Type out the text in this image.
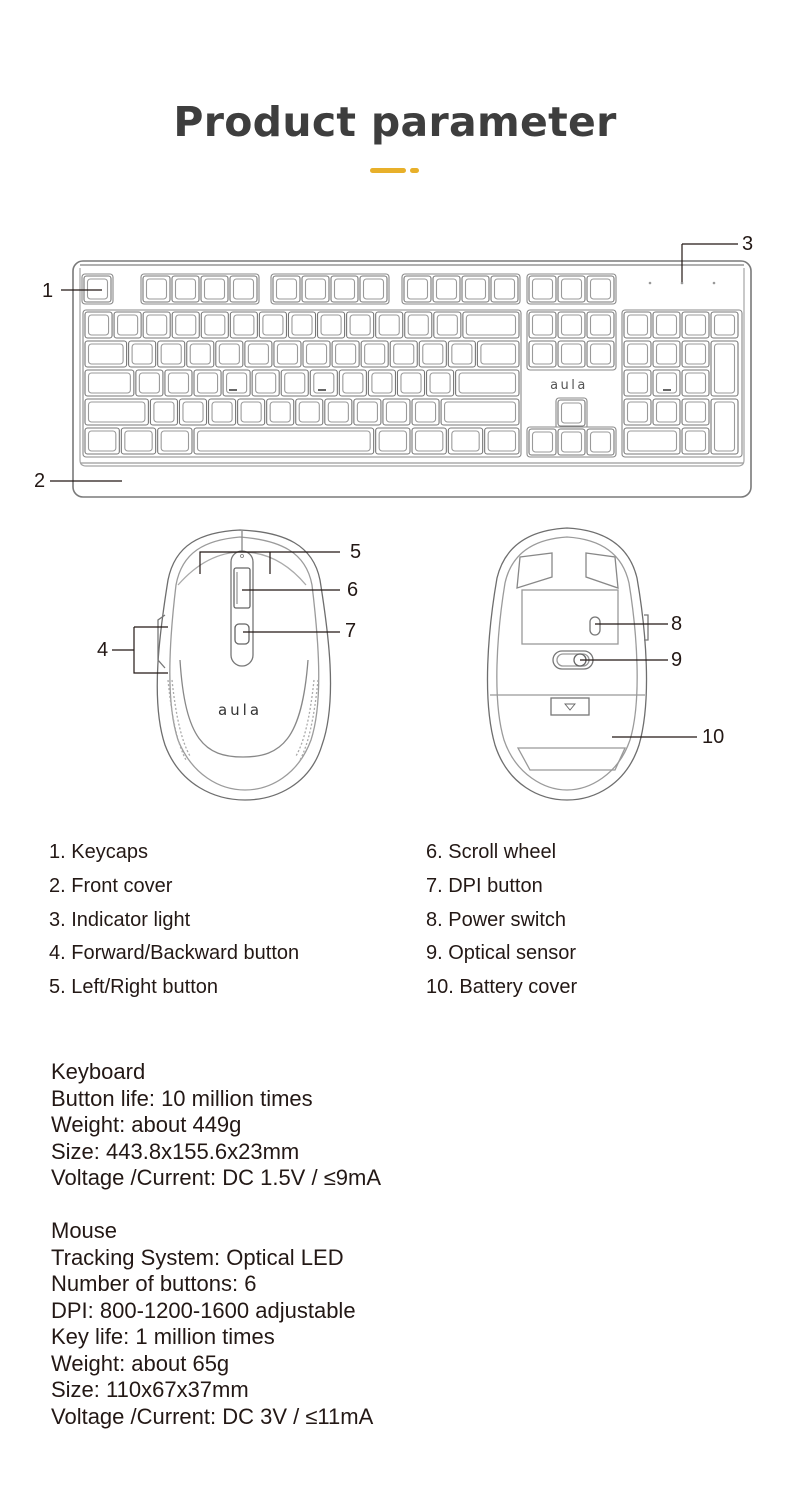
Product parameter
aula
aula
1
2
3
4
5
6
7	8
9
10
1. Keycaps
2. Front cover
3. Indicator light
4. Forward/Backward button
5. Left/Right button
6. Scroll wheel
7. DPI button
8. Power switch
9. Optical sensor
10. Battery cover
Keyboard
Button life: 10 million times
Weight: about 449g
Size: 443.8x155.6x23mm
Voltage /Current: DC 1.5V / ≤9mA
Mouse
Tracking System: Optical LED
Number of buttons: 6
DPI: 800-1200-1600 adjustable
Key life: 1 million times
Weight: about 65g
Size: 110x67x37mm
Voltage /Current: DC 3V / ≤11mA
